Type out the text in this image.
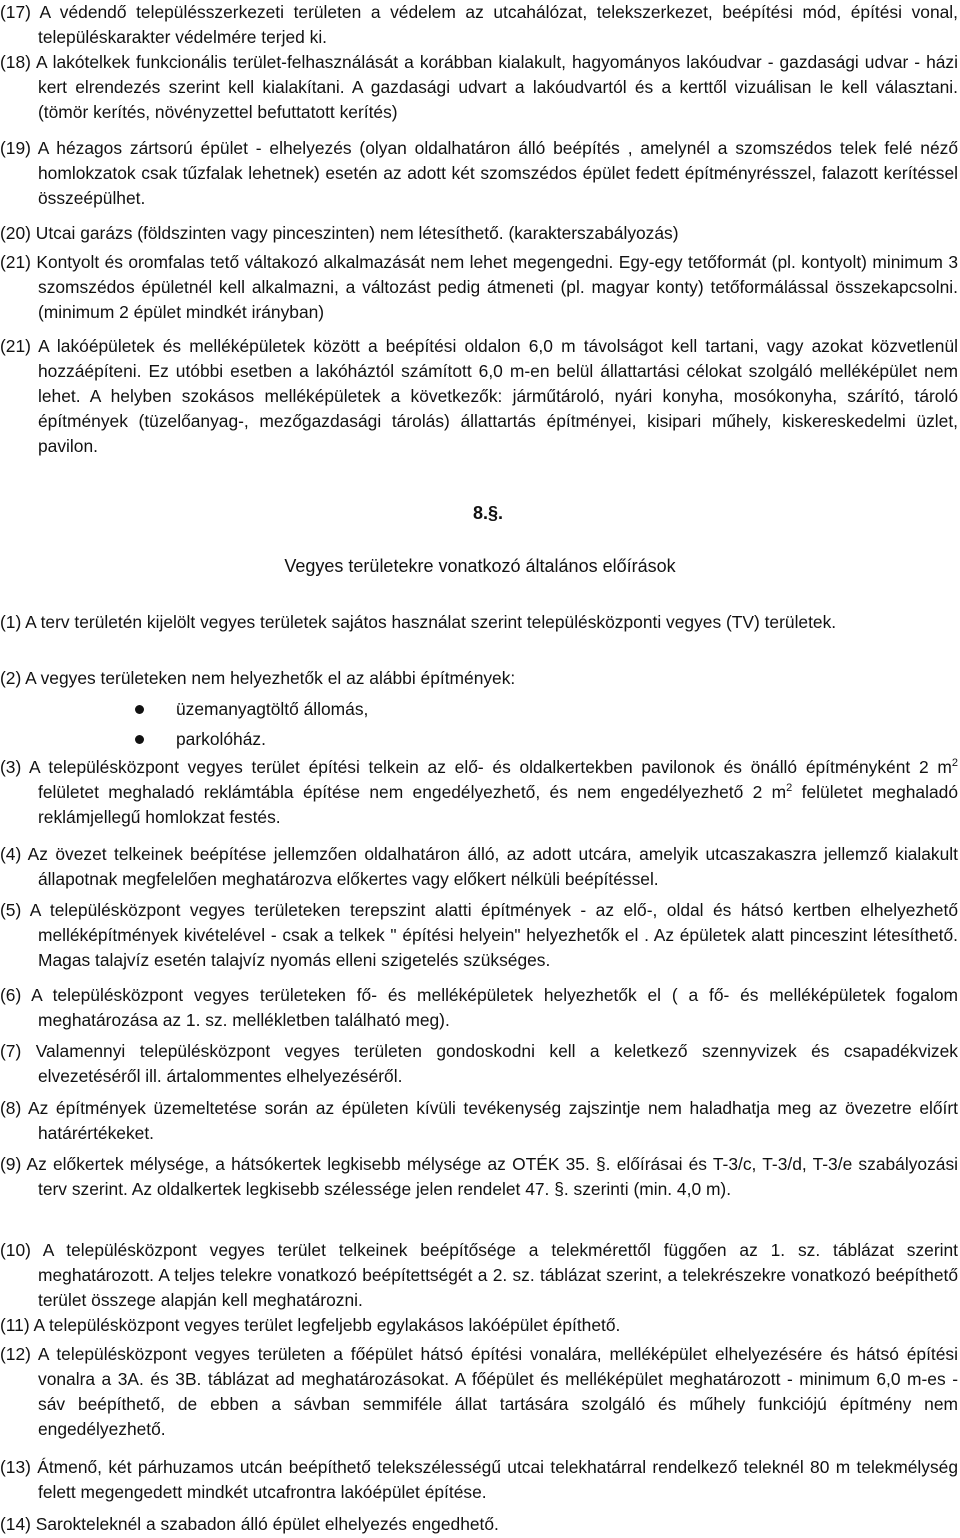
(17) A védendő településszerkezeti területen a védelem az utcahálózat, telekszerkezet, beépítési mód, építési vonal, településkarakter védelmére terjed ki.
(18) A lakótelkek funkcionális terület-felhasználását a korábban kialakult, hagyományos lakóudvar - gazdasági udvar - házi kert elrendezés szerint kell kialakítani. A gazdasági udvart a lakóudvartól és a kerttől vizuálisan le kell választani. (tömör kerítés, növényzettel befuttatott kerítés)
(19) A hézagos zártsorú épület - elhelyezés (olyan oldalhatáron álló beépítés , amelynél a szomszédos telek felé néző homlokzatok csak tűzfalak lehetnek) esetén az adott két szomszédos épület fedett építményrésszel, falazott kerítéssel összeépülhet.
(20) Utcai garázs (földszinten vagy pinceszinten) nem létesíthető. (karakterszabályozás)
(21) Kontyolt és oromfalas tető váltakozó alkalmazását nem lehet megengedni. Egy-egy tetőformát (pl. kontyolt) minimum 3 szomszédos épületnél kell alkalmazni, a változást pedig átmeneti (pl. magyar konty) tetőformálással összekapcsolni. (minimum 2 épület mindkét irányban)
(21) A lakóépületek és melléképületek között a beépítési oldalon 6,0 m távolságot kell tartani, vagy azokat közvetlenül hozzáépíteni. Ez utóbbi esetben a lakóháztól számított 6,0 m-en belül állattartási célokat szolgáló melléképület nem lehet. A helyben szokásos melléképületek a következők: járműtároló, nyári konyha, mosókonyha, szárító, tároló építmények (tüzelőanyag-, mezőgazdasági tárolás) állattartás építményei, kisipari műhely, kiskereskedelmi üzlet, pavilon.
8.§.
Vegyes területekre vonatkozó általános előírások
(1) A terv területén kijelölt vegyes területek sajátos használat szerint településközponti vegyes (TV) területek.
(2) A vegyes területeken nem helyezhetők el az alábbi építmények:
üzemanyagtöltő állomás,
parkolóház.
(3) A településközpont vegyes terület építési telkein az elő- és oldalkertekben pavilonok és önálló építményként 2 $m^2$ felületet meghaladó reklámtábla építése nem engedélyezhető, és nem engedélyezhető 2 $m^2$ felületet meghaladó reklámjellegű homlokzat festés.
(4) Az övezet telkeinek beépítése jellemzően oldalhatáron álló, az adott utcára, amelyik utcaszakaszra jellemző kialakult állapotnak megfelelően meghatározva előkertes vagy előkert nélküli beépítéssel.
(5) A településközpont vegyes területeken terepszint alatti építmények - az elő-, oldal és hátsó kertben elhelyezhető melléképítmények kivételével - csak a telkek " építési helyein" helyezhetők el . Az épületek alatt pinceszint létesíthető. Magas talajvíz esetén talajvíz nyomás elleni szigetelés szükséges.
(6) A településközpont vegyes területeken fő- és melléképületek helyezhetők el ( a fő- és melléképületek fogalom meghatározása az 1. sz. mellékletben található meg).
(7) Valamennyi településközpont vegyes területen gondoskodni kell a keletkező szennyvizek és csapadékvizek elvezetéséről ill. ártalommentes elhelyezéséről.
(8) Az építmények üzemeltetése során az épületen kívüli tevékenység zajszintje nem haladhatja meg az övezetre előírt határértékeket.
(9) Az előkertek mélysége, a hátsókertek legkisebb mélysége az OTÉK 35. §. előírásai és T-3/c, T-3/d, T-3/e szabályozási terv szerint. Az oldalkertek legkisebb szélessége jelen rendelet 47. §. szerinti (min. 4,0 m).
(10) A településközpont vegyes terület telkeinek beépítősége a telekmérettől függően az 1. sz. táblázat szerint meghatározott. A teljes telekre vonatkozó beépítettségét a 2. sz. táblázat szerint, a telekrészekre vonatkozó beépíthető terület összege alapján kell meghatározni.
(11) A településközpont vegyes terület legfeljebb egylakásos lakóépület építhető.
(12) A településközpont vegyes területen a főépület hátsó építési vonalára, melléképület elhelyezésére és hátsó építési vonalra a 3A. és 3B. táblázat ad meghatározásokat. A főépület és melléképület meghatározott - minimum 6,0 m-es - sáv beépíthető, de ebben a sávban semmiféle állat tartására szolgáló és műhely funkciójú építmény nem engedélyezhető.
(13) Átmenő, két párhuzamos utcán beépíthető telekszélességű utcai telekhatárral rendelkező teleknél 80 m telekmélység felett megengedett mindkét utcafrontra lakóépület építése.
(14) Sarokteleknél a szabadon álló épület elhelyezés engedhető.
